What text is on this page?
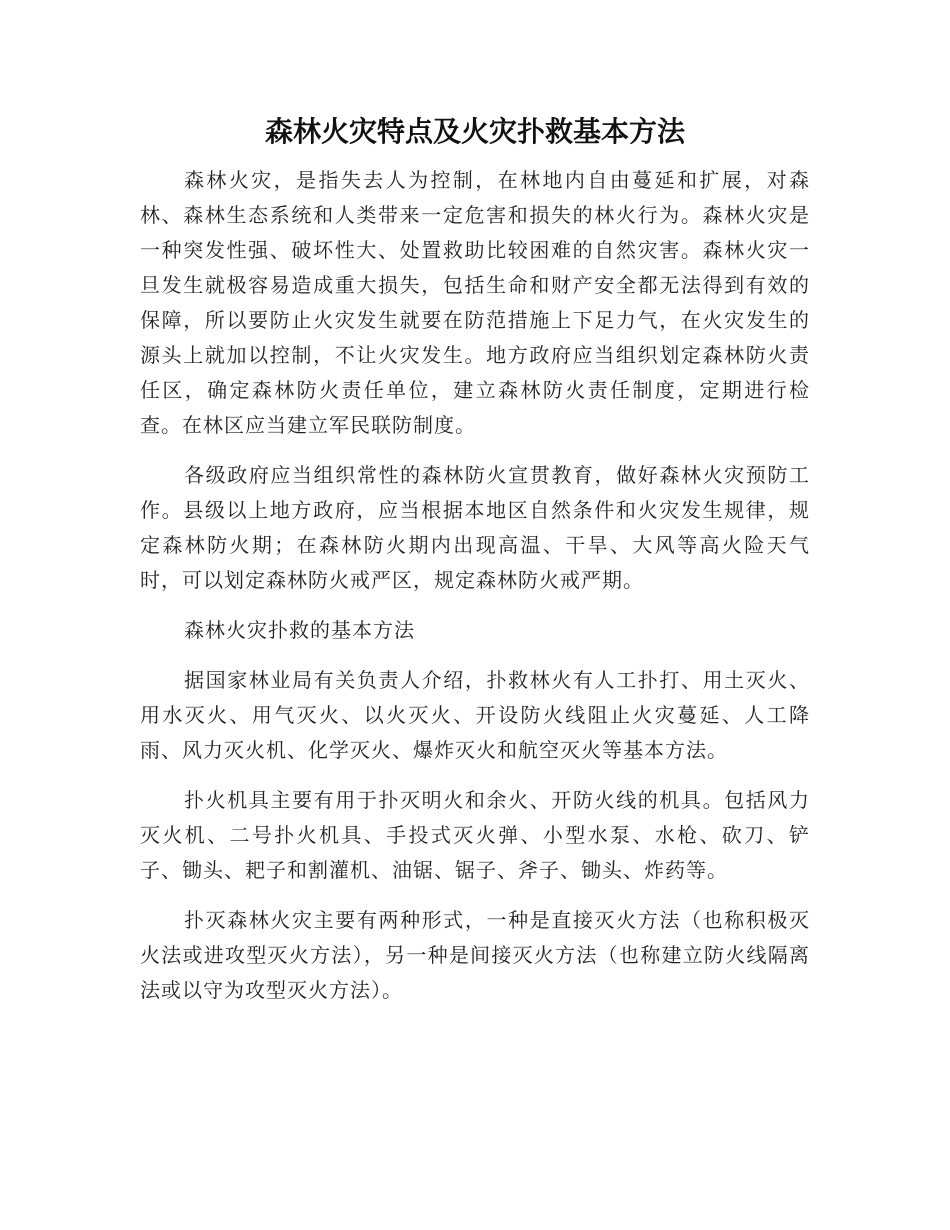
森林火灾特点及火灾扑救基本方法

森林火灾，是指失去人为控制，在林地内自由蔓延和扩展，对森林、森林生态系统和人类带来一定危害和损失的林火行为。森林火灾是一种突发性强、破坏性大、处置救助比较困难的自然灾害。森林火灾一旦发生就极容易造成重大损失，包括生命和财产安全都无法得到有效的保障，所以要防止火灾发生就要在防范措施上下足力气，在火灾发生的源头上就加以控制，不让火灾发生。地方政府应当组织划定森林防火责任区，确定森林防火责任单位，建立森林防火责任制度，定期进行检查。在林区应当建立军民联防制度。

各级政府应当组织常性的森林防火宣贯教育，做好森林火灾预防工作。县级以上地方政府，应当根据本地区自然条件和火灾发生规律，规定森林防火期；在森林防火期内出现高温、干旱、大风等高火险天气时，可以划定森林防火戒严区，规定森林防火戒严期。

森林火灾扑救的基本方法

据国家林业局有关负责人介绍，扑救林火有人工扑打、用土灭火、用水灭火、用气灭火、以火灭火、开设防火线阻止火灾蔓延、人工降雨、风力灭火机、化学灭火、爆炸灭火和航空灭火等基本方法。

扑火机具主要有用于扑灭明火和余火、开防火线的机具。包括风力灭火机、二号扑火机具、手投式灭火弹、小型水泵、水枪、砍刀、铲子、锄头、耙子和割灌机、油锯、锯子、斧子、锄头、炸药等。

扑灭森林火灾主要有两种形式，一种是直接灭火方法（也称积极灭火法或进攻型灭火方法），另一种是间接灭火方法（也称建立防火线隔离法或以守为攻型灭火方法）。
